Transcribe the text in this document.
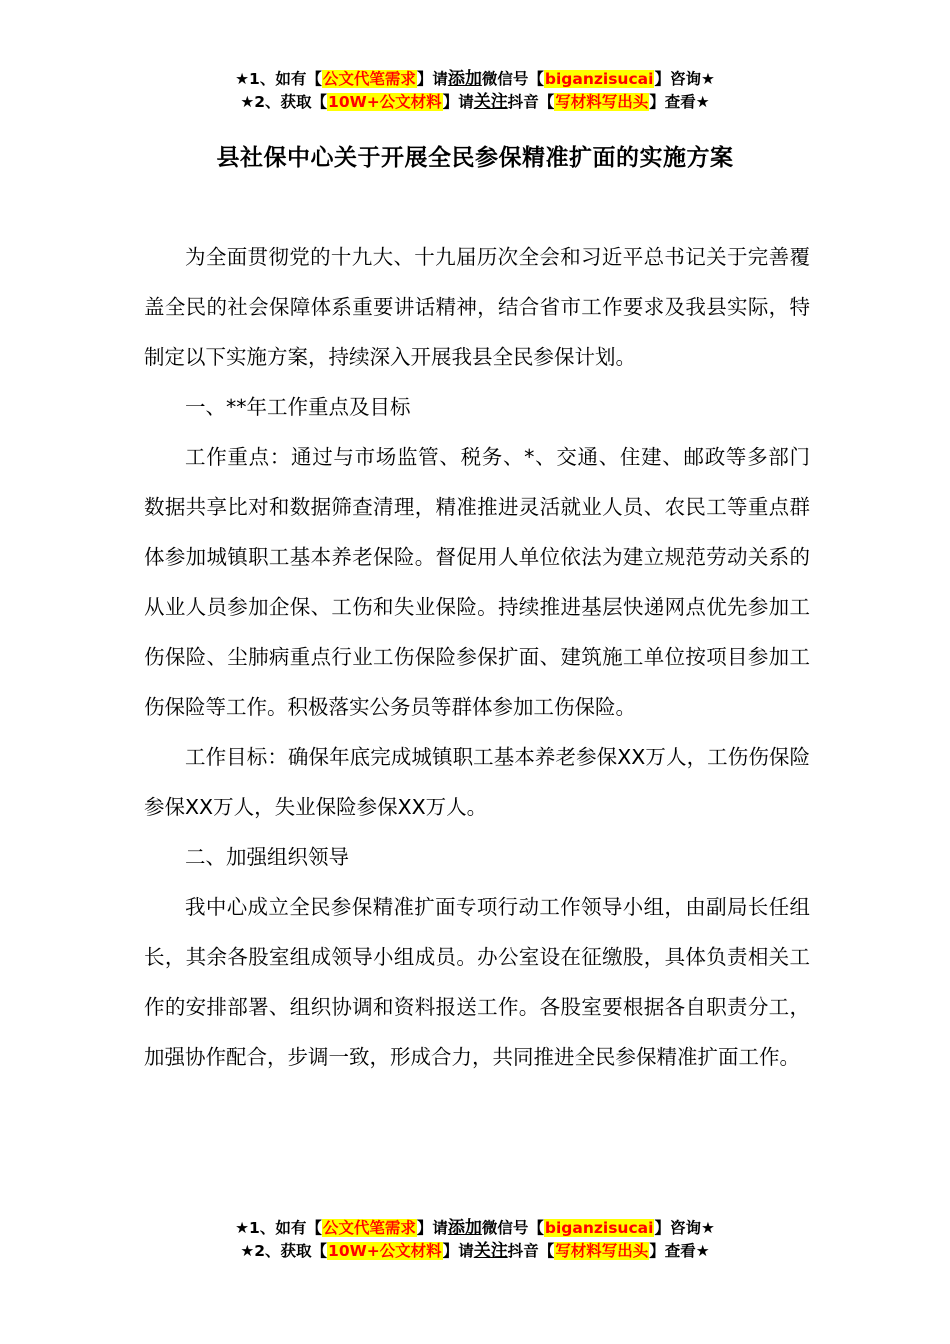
★1、如有【公文代笔需求】请添加微信号【biganzisucai】咨询★
★2、获取【10W+公文材料】请关注抖音【写材料写出头】查看★
县社保中心关于开展全民参保精准扩面的实施方案

为全面贯彻党的十九大、十九届历次全会和习近平总书记关于完善覆盖全民的社会保障体系重要讲话精神，结合省市工作要求及我县实际，特制定以下实施方案，持续深入开展我县全民参保计划。

一、**年工作重点及目标

工作重点：通过与市场监管、税务、*、交通、住建、邮政等多部门数据共享比对和数据筛查清理，精准推进灵活就业人员、农民工等重点群体参加城镇职工基本养老保险。督促用人单位依法为建立规范劳动关系的从业人员参加企保、工伤和失业保险。持续推进基层快递网点优先参加工伤保险、尘肺病重点行业工伤保险参保扩面、建筑施工单位按项目参加工伤保险等工作。积极落实公务员等群体参加工伤保险。

工作目标：确保年底完成城镇职工基本养老参保XX万人，工伤伤保险参保XX万人，失业保险参保XX万人。

二、加强组织领导

我中心成立全民参保精准扩面专项行动工作领导小组，由副局长任组长，其余各股室组成领导小组成员。办公室设在征缴股，具体负责相关工作的安排部署、组织协调和资料报送工作。各股室要根据各自职责分工，加强协作配合，步调一致，形成合力，共同推进全民参保精准扩面工作。

★1、如有【公文代笔需求】请添加微信号【biganzisucai】咨询★
★2、获取【10W+公文材料】请关注抖音【写材料写出头】查看★
